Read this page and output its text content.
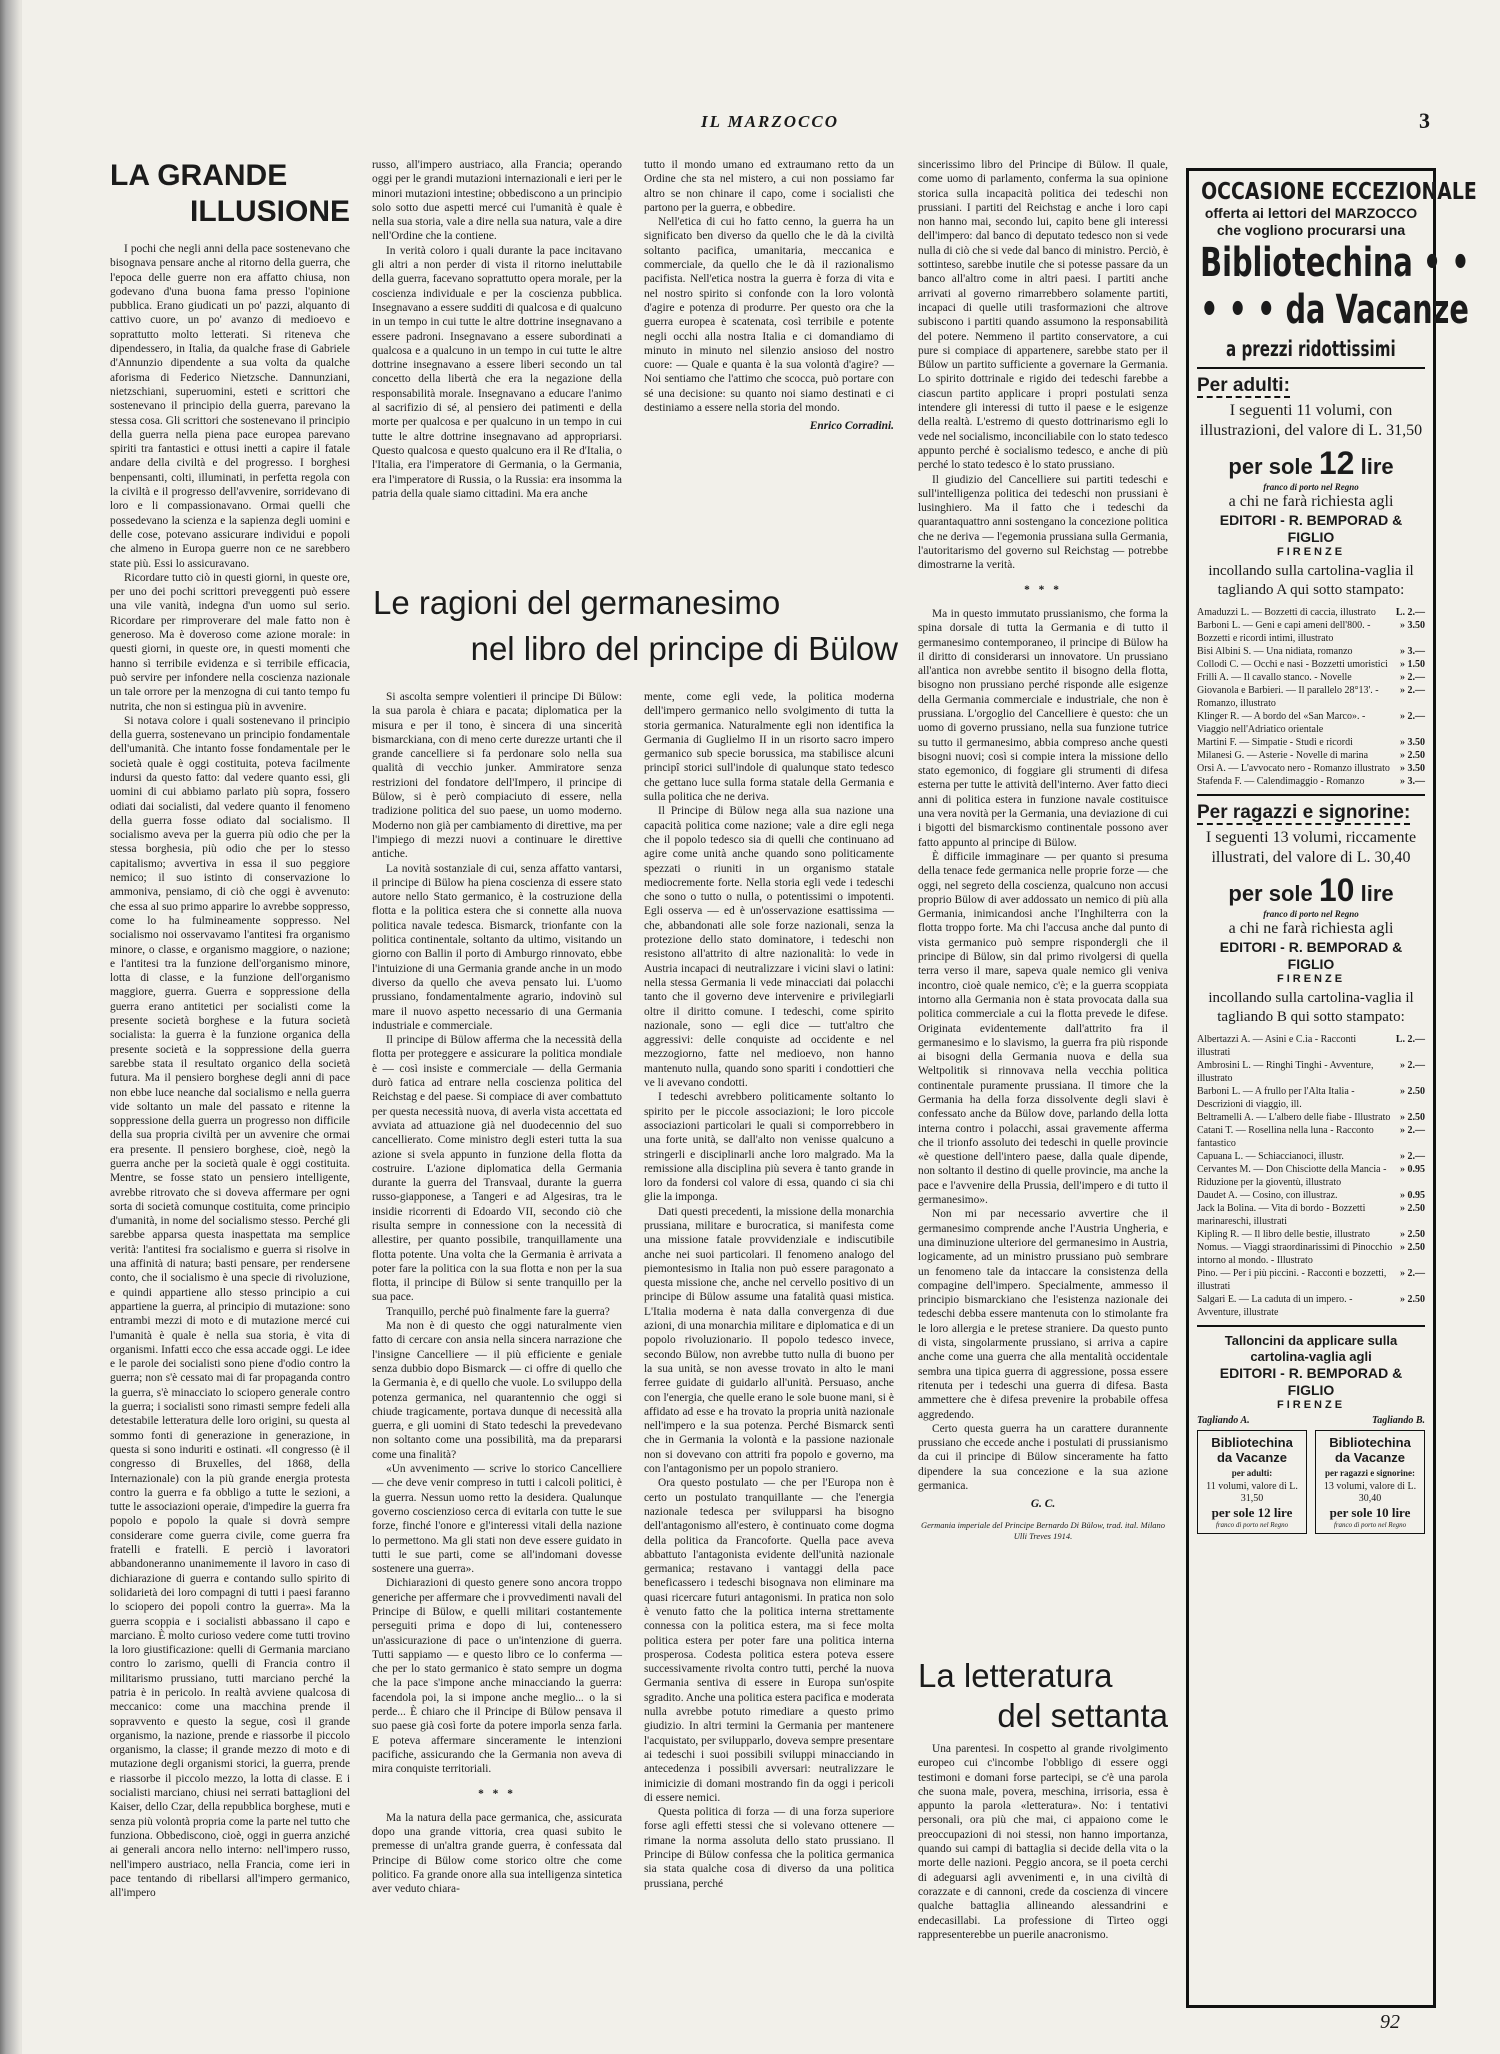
IL MARZOCCO	3
LA GRANDE
ILLUSIONE

I pochi che negli anni della pace sostenevano che bisognava pensare anche al ritorno della guerra, che l'epoca delle guerre non era affatto chiusa, non godevano d'una buona fama presso l'opinione pubblica. Erano giudicati un po' pazzi, alquanto di cattivo cuore, un po' avanzo di medioevo e soprattutto molto letterati. Si riteneva che dipendessero, in Italia, da qualche frase di Gabriele d'Annunzio dipendente a sua volta da qualche aforisma di Federico Nietzsche. Dannunziani, nietzschiani, superuomini, esteti e scrittori che sostenevano il principio della guerra, parevano la stessa cosa. Gli scrittori che sostenevano il principio della guerra nella piena pace europea parevano spiriti tra fantastici e ottusi inetti a capire il fatale andare della civiltà e del progresso. I borghesi benpensanti, colti, illuminati, in perfetta regola con la civiltà e il progresso dell'avvenire, sorridevano di loro e li compassionavano. Ormai quelli che possedevano la scienza e la sapienza degli uomini e delle cose, potevano assicurare individui e popoli che almeno in Europa guerre non ce ne sarebbero state più. Essi lo assicuravano.

Ricordare tutto ciò in questi giorni, in queste ore, per uno dei pochi scrittori preveggenti può essere una vile vanità, indegna d'un uomo sul serio. Ricordare per rimproverare del male fatto non è generoso. Ma è doveroso come azione morale: in questi giorni, in queste ore, in questi momenti che hanno sì terribile evidenza e sì terribile efficacia, può servire per infondere nella coscienza nazionale un tale orrore per la menzogna di cui tanto tempo fu nutrita, che non si estingua più in avvenire.

Si notava colore i quali sostenevano il principio della guerra, sostenevano un principio fondamentale dell'umanità. Che intanto fosse fondamentale per le società quale è oggi costituita, poteva facilmente indursi da questo fatto: dal vedere quanto essi, gli uomini di cui abbiamo parlato più sopra, fossero odiati dai socialisti, dal vedere quanto il fenomeno della guerra fosse odiato dal socialismo. Il socialismo aveva per la guerra più odio che per la stessa borghesia, più odio che per lo stesso capitalismo; avvertiva in essa il suo peggiore nemico; il suo istinto di conservazione lo ammoniva, pensiamo, di ciò che oggi è avvenuto: che essa al suo primo apparire lo avrebbe soppresso, come lo ha fulmineamente soppresso. Nel socialismo noi osservavamo l'antitesi fra organismo minore, o classe, e organismo maggiore, o nazione; e l'antitesi tra la funzione dell'organismo minore, lotta di classe, e la funzione dell'organismo maggiore, guerra. Guerra e soppressione della guerra erano antitetici per socialisti come la presente società borghese e la futura società socialista: la guerra è la funzione organica della presente società e la soppressione della guerra sarebbe stata il resultato organico della società futura. Ma il pensiero borghese degli anni di pace non ebbe luce neanche dal socialismo e nella guerra vide soltanto un male del passato e ritenne la soppressione della guerra un progresso non difficile della sua propria civiltà per un avvenire che ormai era presente. Il pensiero borghese, cioè, negò la guerra anche per la società quale è oggi costituita. Mentre, se fosse stato un pensiero intelligente, avrebbe ritrovato che si doveva affermare per ogni sorta di società comunque costituita, come principio d'umanità, in nome del socialismo stesso. Perché gli sarebbe apparsa questa inaspettata ma semplice verità: l'antitesi fra socialismo e guerra si risolve in una affinità di natura; basti pensare, per rendersene conto, che il socialismo è una specie di rivoluzione, e quindi appartiene allo stesso principio a cui appartiene la guerra, al principio di mutazione: sono entrambi mezzi di moto e di mutazione mercé cui l'umanità è quale è nella sua storia, è vita di organismi. Infatti ecco che essa accade oggi. Le idee e le parole dei socialisti sono piene d'odio contro la guerra; non s'è cessato mai di far propaganda contro la guerra, s'è minacciato lo sciopero generale contro la guerra; i socialisti sono rimasti sempre fedeli alla detestabile letteratura delle loro origini, su questa al sommo fonti di generazione in generazione, in questa si sono induriti e ostinati. «Il congresso (è il congresso di Bruxelles, del 1868, della Internazionale) con la più grande energia protesta contro la guerra e fa obbligo a tutte le sezioni, a tutte le associazioni operaie, d'impedire la guerra fra popolo e popolo la quale si dovrà sempre considerare come guerra civile, come guerra fra fratelli e fratelli. E perciò i lavoratori abbandoneranno unanimemente il lavoro in caso di dichiarazione di guerra e contando sullo spirito di solidarietà dei loro compagni di tutti i paesi faranno lo sciopero dei popoli contro la guerra». Ma la guerra scoppia e i socialisti abbassano il capo e marciano. È molto curioso vedere come tutti trovino la loro giustificazione: quelli di Germania marciano contro lo zarismo, quelli di Francia contro il militarismo prussiano, tutti marciano perché la patria è in pericolo. In realtà avviene qualcosa di meccanico: come una macchina prende il sopravvento e questo la segue, così il grande organismo, la nazione, prende e riassorbe il piccolo organismo, la classe; il grande mezzo di moto e di mutazione degli organismi storici, la guerra, prende e riassorbe il piccolo mezzo, la lotta di classe. E i socialisti marciano, chiusi nei serrati battaglioni del Kaiser, dello Czar, della repubblica borghese, muti e senza più volontà propria come la parte nel tutto che funziona. Obbediscono, cioè, oggi in guerra anziché ai generali ancora nello interno: nell'impero russo, nell'impero austriaco, nella Francia, come ieri in pace tentando di ribellarsi all'impero germanico, all'impero

russo, all'impero austriaco, alla Francia; operando oggi per le grandi mutazioni internazionali e ieri per le minori mutazioni intestine; obbediscono a un principio solo sotto due aspetti mercé cui l'umanità è quale è nella sua storia, vale a dire nella sua natura, vale a dire nell'Ordine che la contiene.

In verità coloro i quali durante la pace incitavano gli altri a non perder di vista il ritorno ineluttabile della guerra, facevano soprattutto opera morale, per la coscienza individuale e per la coscienza pubblica. Insegnavano a essere sudditi di qualcosa e di qualcuno in un tempo in cui tutte le altre dottrine insegnavano a essere padroni. Insegnavano a essere subordinati a qualcosa e a qualcuno in un tempo in cui tutte le altre dottrine insegnavano a essere liberi secondo un tal concetto della libertà che era la negazione della responsabilità morale. Insegnavano a educare l'animo al sacrifizio di sé, al pensiero dei patimenti e della morte per qualcosa e per qualcuno in un tempo in cui tutte le altre dottrine insegnavano ad appropriarsi. Questo qualcosa e questo qualcuno era il Re d'Italia, o l'Italia, era l'imperatore di Germania, o la Germania, era l'imperatore di Russia, o la Russia: era insomma la patria della quale siamo cittadini. Ma era anche

tutto il mondo umano ed extraumano retto da un Ordine che sta nel mistero, a cui non possiamo far altro se non chinare il capo, come i socialisti che partono per la guerra, e obbedire.

Nell'etica di cui ho fatto cenno, la guerra ha un significato ben diverso da quello che le dà la civiltà soltanto pacifica, umanitaria, meccanica e commerciale, da quello che le dà il razionalismo pacifista. Nell'etica nostra la guerra è forza di vita e nel nostro spirito si confonde con la loro volontà d'agire e potenza di produrre. Per questo ora che la guerra europea è scatenata, così terribile e potente negli occhi alla nostra Italia e ci domandiamo di minuto in minuto nel silenzio ansioso del nostro cuore: — Quale e quanta è la sua volontà d'agire? — Noi sentiamo che l'attimo che scocca, può portare con sé una decisione: su quanto noi siamo destinati e ci destiniamo a essere nella storia del mondo.

Enrico Corradini.
Le ragioni del germanesimo
nel libro del principe di Bülow

Si ascolta sempre volentieri il principe Di Bülow: la sua parola è chiara e pacata; diplomatica per la misura e per il tono, è sincera di una sincerità bismarckiana, con di meno certe durezze urtanti che il grande cancelliere si fa perdonare solo nella sua qualità di vecchio junker. Ammiratore senza restrizioni del fondatore dell'Impero, il principe di Bülow, si è però compiaciuto di essere, nella tradizione politica del suo paese, un uomo moderno. Moderno non già per cambiamento di direttive, ma per l'impiego di mezzi nuovi a continuare le direttive antiche.

La novità sostanziale di cui, senza affatto vantarsi, il principe di Bülow ha piena coscienza di essere stato autore nello Stato germanico, è la costruzione della flotta e la politica estera che si connette alla nuova politica navale tedesca. Bismarck, trionfante con la politica continentale, soltanto da ultimo, visitando un giorno con Ballin il porto di Amburgo rinnovato, ebbe l'intuizione di una Germania grande anche in un modo diverso da quello che aveva pensato lui. L'uomo prussiano, fondamentalmente agrario, indovinò sul mare il nuovo aspetto necessario di una Germania industriale e commerciale.

Il principe di Bülow afferma che la necessità della flotta per proteggere e assicurare la politica mondiale è — così insiste e commerciale — della Germania durò fatica ad entrare nella coscienza politica del Reichstag e del paese. Si compiace di aver combattuto per questa necessità nuova, di averla vista accettata ed avviata ad attuazione già nel duodecennio del suo cancellierato. Come ministro degli esteri tutta la sua azione si svela appunto in funzione della flotta da costruire. L'azione diplomatica della Germania durante la guerra del Transvaal, durante la guerra russo-giapponese, a Tangeri e ad Algesiras, tra le insidie ricorrenti di Edoardo VII, secondo ciò che risulta sempre in connessione con la necessità di allestire, per quanto possibile, tranquillamente una flotta potente. Una volta che la Germania è arrivata a poter fare la politica con la sua flotta e non per la sua flotta, il principe di Bülow si sente tranquillo per la sua pace.

Tranquillo, perché può finalmente fare la guerra?

Ma non è di questo che oggi naturalmente vien fatto di cercare con ansia nella sincera narrazione che l'insigne Cancelliere — il più efficiente e geniale senza dubbio dopo Bismarck — ci offre di quello che la Germania è, e di quello che vuole. Lo sviluppo della potenza germanica, nel quarantennio che oggi si chiude tragicamente, portava dunque di necessità alla guerra, e gli uomini di Stato tedeschi la prevedevano non soltanto come una possibilità, ma da prepararsi come una finalità?

«Un avvenimento — scrive lo storico Cancelliere — che deve venir compreso in tutti i calcoli politici, è la guerra. Nessun uomo retto la desidera. Qualunque governo coscienzioso cerca di evitarla con tutte le sue forze, finché l'onore e gl'interessi vitali della nazione lo permettono. Ma gli stati non deve essere guidato in tutti le sue parti, come se all'indomani dovesse sostenere una guerra».

Dichiarazioni di questo genere sono ancora troppo generiche per affermare che i provvedimenti navali del Principe di Bülow, e quelli militari costantemente perseguiti prima e dopo di lui, contenessero un'assicurazione di pace o un'intenzione di guerra. Tutti sappiamo — e questo libro ce lo conferma — che per lo stato germanico è stato sempre un dogma che la pace s'impone anche minacciando la guerra: facendola poi, la si impone anche meglio... o la si perde... È chiaro che il Principe di Bülow pensava il suo paese già così forte da potere imporla senza farla. E poteva affermare sinceramente le intenzioni pacifiche, assicurando che la Germania non aveva di mira conquiste territoriali.

* * *

Ma la natura della pace germanica, che, assicurata dopo una grande vittoria, crea quasi subito le premesse di un'altra grande guerra, è confessata dal Principe di Bülow come storico oltre che come politico. Fa grande onore alla sua intelligenza sintetica aver veduto chiara-

mente, come egli vede, la politica moderna dell'impero germanico nello svolgimento di tutta la storia germanica. Naturalmente egli non identifica la Germania di Guglielmo II in un risorto sacro impero germanico sub specie borussica, ma stabilisce alcuni principî storici sull'indole di qualunque stato tedesco che gettano luce sulla forma statale della Germania e sulla politica che ne deriva.

Il Principe di Bülow nega alla sua nazione una capacità politica come nazione; vale a dire egli nega che il popolo tedesco sia di quelli che continuano ad agire come unità anche quando sono politicamente spezzati o riuniti in un organismo statale mediocremente forte. Nella storia egli vede i tedeschi che sono o tutto o nulla, o potentissimi o impotenti. Egli osserva — ed è un'osservazione esattissima — che, abbandonati alle sole forze nazionali, senza la protezione dello stato dominatore, i tedeschi non resistono all'attrito di altre nazionalità: lo vede in Austria incapaci di neutralizzare i vicini slavi o latini: nella stessa Germania li vede minacciati dai polacchi tanto che il governo deve intervenire e privilegiarli oltre il diritto comune. I tedeschi, come spirito nazionale, sono — egli dice — tutt'altro che aggressivi: delle conquiste ad occidente e nel mezzogiorno, fatte nel medioevo, non hanno mantenuto nulla, quando sono spariti i condottieri che ve li avevano condotti.

I tedeschi avrebbero politicamente soltanto lo spirito per le piccole associazioni; le loro piccole associazioni particolari le quali si comporrebbero in una forte unità, se dall'alto non venisse qualcuno a stringerli e disciplinarli anche loro malgrado. Ma la remissione alla disciplina più severa è tanto grande in loro da fondersi col valore di essa, quando ci sia chi glie la imponga.

Dati questi precedenti, la missione della monarchia prussiana, militare e burocratica, si manifesta come una missione fatale provvidenziale e indiscutibile anche nei suoi particolari. Il fenomeno analogo del piemontesismo in Italia non può essere paragonato a questa missione che, anche nel cervello positivo di un principe di Bülow assume una fatalità quasi mistica. L'Italia moderna è nata dalla convergenza di due azioni, di una monarchia militare e diplomatica e di un popolo rivoluzionario. Il popolo tedesco invece, secondo Bülow, non avrebbe tutto nulla di buono per la sua unità, se non avesse trovato in alto le mani ferree guidate di guidarlo all'unità. Persuaso, anche con l'energia, che quelle erano le sole buone mani, si è affidato ad esse e ha trovato la propria unità nazionale nell'impero e la sua potenza. Perché Bismarck sentì che in Germania la volontà e la passione nazionale non si dovevano con attriti fra popolo e governo, ma con l'antagonismo per un popolo straniero.

Ora questo postulato — che per l'Europa non è certo un postulato tranquillante — che l'energia nazionale tedesca per svilupparsi ha bisogno dell'antagonismo all'estero, è continuato come dogma della politica da Francoforte. Quella pace aveva abbattuto l'antagonista evidente dell'unità nazionale germanica; restavano i vantaggi della pace beneficassero i tedeschi bisognava non eliminare ma quasi ricercare futuri antagonismi. In pratica non solo è venuto fatto che la politica interna strettamente connessa con la politica estera, ma si fece molta politica estera per poter fare una politica interna prosperosa. Codesta politica estera poteva essere successivamente rivolta contro tutti, perché la nuova Germania sentiva di essere in Europa sun'ospite sgradito. Anche una politica estera pacifica e moderata nulla avrebbe potuto rimediare a questo primo giudizio. In altri termini la Germania per mantenere l'acquistato, per svilupparlo, doveva sempre presentare ai tedeschi i suoi possibili sviluppi minacciando in antecedenza i possibili avversari: neutralizzare le inimicizie di domani mostrando fin da oggi i pericoli di essere nemici.

Questa politica di forza — di una forza superiore forse agli effetti stessi che si volevano ottenere — rimane la norma assoluta dello stato prussiano. Il Principe di Bülow confessa che la politica germanica sia stata qualche cosa di diverso da una politica prussiana, perché

sincerissimo libro del Principe di Bülow. Il quale, come uomo di parlamento, conferma la sua opinione storica sulla incapacità politica dei tedeschi non prussiani. I partiti del Reichstag e anche i loro capi non hanno mai, secondo lui, capito bene gli interessi dell'impero: dal banco di deputato tedesco non si vede nulla di ciò che si vede dal banco di ministro. Perciò, è sottinteso, sarebbe inutile che si potesse passare da un banco all'altro come in altri paesi. I partiti anche arrivati al governo rimarrebbero solamente partiti, incapaci di quelle utili trasformazioni che altrove subiscono i partiti quando assumono la responsabilità del potere. Nemmeno il partito conservatore, a cui pure si compiace di appartenere, sarebbe stato per il Bülow un partito sufficiente a governare la Germania. Lo spirito dottrinale e rigido dei tedeschi farebbe a ciascun partito applicare i propri postulati senza intendere gli interessi di tutto il paese e le esigenze della realtà. L'estremo di questo dottrinarismo egli lo vede nel socialismo, inconciliabile con lo stato tedesco appunto perché è socialismo tedesco, e anche di più perché lo stato tedesco è lo stato prussiano.

Il giudizio del Cancelliere sui partiti tedeschi e sull'intelligenza politica dei tedeschi non prussiani è lusinghiero. Ma il fatto che i tedeschi da quarantaquattro anni sostengano la concezione politica che ne deriva — l'egemonia prussiana sulla Germania, l'autoritarismo del governo sul Reichstag — potrebbe dimostrarne la verità.

* * *

Ma in questo immutato prussianismo, che forma la spina dorsale di tutta la Germania e di tutto il germanesimo contemporaneo, il principe di Bülow ha il diritto di considerarsi un innovatore. Un prussiano all'antica non avrebbe sentito il bisogno della flotta, bisogno non prussiano perché risponde alle esigenze della Germania commerciale e industriale, che non è prussiana. L'orgoglio del Cancelliere è questo: che un uomo di governo prussiano, nella sua funzione tutrice su tutto il germanesimo, abbia compreso anche questi bisogni nuovi; così si compie intera la missione dello stato egemonico, di foggiare gli strumenti di difesa esterna per tutte le attività dell'interno. Aver fatto dieci anni di politica estera in funzione navale costituisce una vera novità per la Germania, una deviazione di cui i bigotti del bismarckismo continentale possono aver fatto appunto al principe di Bülow.

È difficile immaginare — per quanto si presuma della tenace fede germanica nelle proprie forze — che oggi, nel segreto della coscienza, qualcuno non accusi proprio Bülow di aver addossato un nemico di più alla Germania, inimicandosi anche l'Inghilterra con la flotta troppo forte. Ma chi l'accusa anche dal punto di vista germanico può sempre rispondergli che il principe di Bülow, sin dal primo rivolgersi di quella terra verso il mare, sapeva quale nemico gli veniva incontro, cioè quale nemico, c'è; e la guerra scoppiata intorno alla Germania non è stata provocata dalla sua politica commerciale a cui la flotta prevede le difese. Originata evidentemente dall'attrito fra il germanesimo e lo slavismo, la guerra fra più risponde ai bisogni della Germania nuova e della sua Weltpolitik si rinnovava nella vecchia politica continentale puramente prussiana. Il timore che la Germania ha della forza dissolvente degli slavi è confessato anche da Bülow dove, parlando della lotta interna contro i polacchi, assai gravemente afferma che il trionfo assoluto dei tedeschi in quelle provincie «è questione dell'intero paese, dalla quale dipende, non soltanto il destino di quelle provincie, ma anche la pace e l'avvenire della Prussia, dell'impero e di tutto il germanesimo».

Non mi par necessario avvertire che il germanesimo comprende anche l'Austria Ungheria, e una diminuzione ulteriore del germanesimo in Austria, logicamente, ad un ministro prussiano può sembrare un fenomeno tale da intaccare la consistenza della compagine dell'impero. Specialmente, ammesso il principio bismarckiano che l'esistenza nazionale dei tedeschi debba essere mantenuta con lo stimolante fra le loro allergia e le pretese straniere. Da questo punto di vista, singolarmente prussiano, si arriva a capire anche come una guerra che alla mentalità occidentale sembra una tipica guerra di aggressione, possa essere ritenuta per i tedeschi una guerra di difesa. Basta ammettere che è difesa prevenire la probabile offesa aggredendo.

Certo questa guerra ha un carattere durannente prussiano che eccede anche i postulati di prussianismo da cui il principe di Bülow sinceramente ha fatto dipendere la sua concezione e la sua azione germanica.

G. C.
Germania imperiale del Principe Bernardo Di Bülow, trad. ital. Milano Ulli Treves 1914.
La letteratura
del settanta

Una parentesi. In cospetto al grande rivolgimento europeo cui c'incombe l'obbligo di essere oggi testimoni e domani forse partecipi, se c'è una parola che suona male, povera, meschina, irrisoria, essa è appunto la parola «letteratura». No: i tentativi personali, ora più che mai, ci appaiono come le preoccupazioni di noi stessi, non hanno importanza, quando sui campi di battaglia si decide della vita o la morte delle nazioni. Peggio ancora, se il poeta cerchi di adeguarsi agli avvenimenti e, in una civiltà di corazzate e di cannoni, crede da coscienza di vincere qualche battaglia allineando alessandrini e endecasillabi. La professione di Tirteo oggi rappresenterebbe un puerile anacronismo.

OCCASIONE ECCEZIONALE
offerta ai lettori del MARZOCCO
che vogliono procurarsi una
Bibliotechina • •
• • • da Vacanze
a prezzi ridottissimi
Per adulti:
I seguenti 11 volumi, con illustrazioni, del valore di L. 31,50
per sole 12 lire
franco di porto nel Regno
a chi ne farà richiesta agli
EDITORI - R. BEMPORAD & FIGLIO
FIRENZE
incollando sulla cartolina-vaglia il tagliando A qui sotto stampato:
Amaduzzi L. — Bozzetti di caccia, illustrato	L. 2.—
Barboni L. — Geni e capi ameni dell'800. - Bozzetti e ricordi intimi, illustrato
» 3.50
Bisi Albini S. — Una nidiata, romanzo	» 3.—
Collodi C. — Occhi e nasi - Bozzetti umoristici	» 1.50
Frilli A. — Il cavallo stanco. - Novelle	» 2.—
Giovanola e Barbieri. — Il parallelo 28°13'. - Romanzo, illustrato
» 2.—
Klinger R. — A bordo del «San Marco». - Viaggio nell'Adriatico orientale
» 2.—
Martini F. — Simpatie - Studi e ricordi	» 3.50
Milanesi G. — Asterie - Novelle di marina	» 2.50
Orsi A. — L'avvocato nero - Romanzo illustrato	» 3.50
Stafenda F. — Calendimaggio - Romanzo	» 3.—
Per ragazzi e signorine:
I seguenti 13 volumi, riccamente illustrati, del valore di L. 30,40
per sole 10 lire
franco di porto nel Regno
a chi ne farà richiesta agli
EDITORI - R. BEMPORAD & FIGLIO
FIRENZE
incollando sulla cartolina-vaglia il tagliando B qui sotto stampato:
Albertazzi A. — Asini e C.ia - Racconti illustrati
L. 2.—
Ambrosini L. — Ringhi Tinghi - Avventure, illustrato
» 2.—
Barboni L. — A frullo per l'Alta Italia - Descrizioni di viaggio, ill.
» 2.50
Beltramelli A. — L'albero delle fiabe - Illustrato » 2.50
Catani T. — Rosellina nella luna - Racconto fantastico
» 2.—
Capuana L. — Schiaccianoci, illustr.	» 2.—
Cervantes M. — Don Chisciotte della Mancia - Riduzione per la gioventù, illustrato
» 0.95
Daudet A. — Cosino, con illustraz.	» 0.95
Jack la Bolina. — Vita di bordo - Bozzetti marinareschi, illustrati
» 2.50
Kipling R. — Il libro delle bestie, illustrato	» 2.50
Nomus. — Viaggi straordinarissimi di Pinocchio intorno al mondo. - Illustrato
» 2.50
Pino. — Per i più piccini. - Racconti e bozzetti, illustrati
» 2.—
Salgari E. — La caduta di un impero. - Avventure, illustrate
» 2.50
Talloncini da applicare sulla cartolina-vaglia agli
EDITORI - R. BEMPORAD & FIGLIO
FIRENZE
Tagliando A.	Tagliando B.
Bibliotechina
da Vacanze
per adulti:
11 volumi, valore di L. 31,50
per sole 12 lire
franco di porto nel Regno
Bibliotechina
da Vacanze
per ragazzi e signorine:
13 volumi, valore di L. 30,40
per sole 10 lire
franco di porto nel Regno
92
